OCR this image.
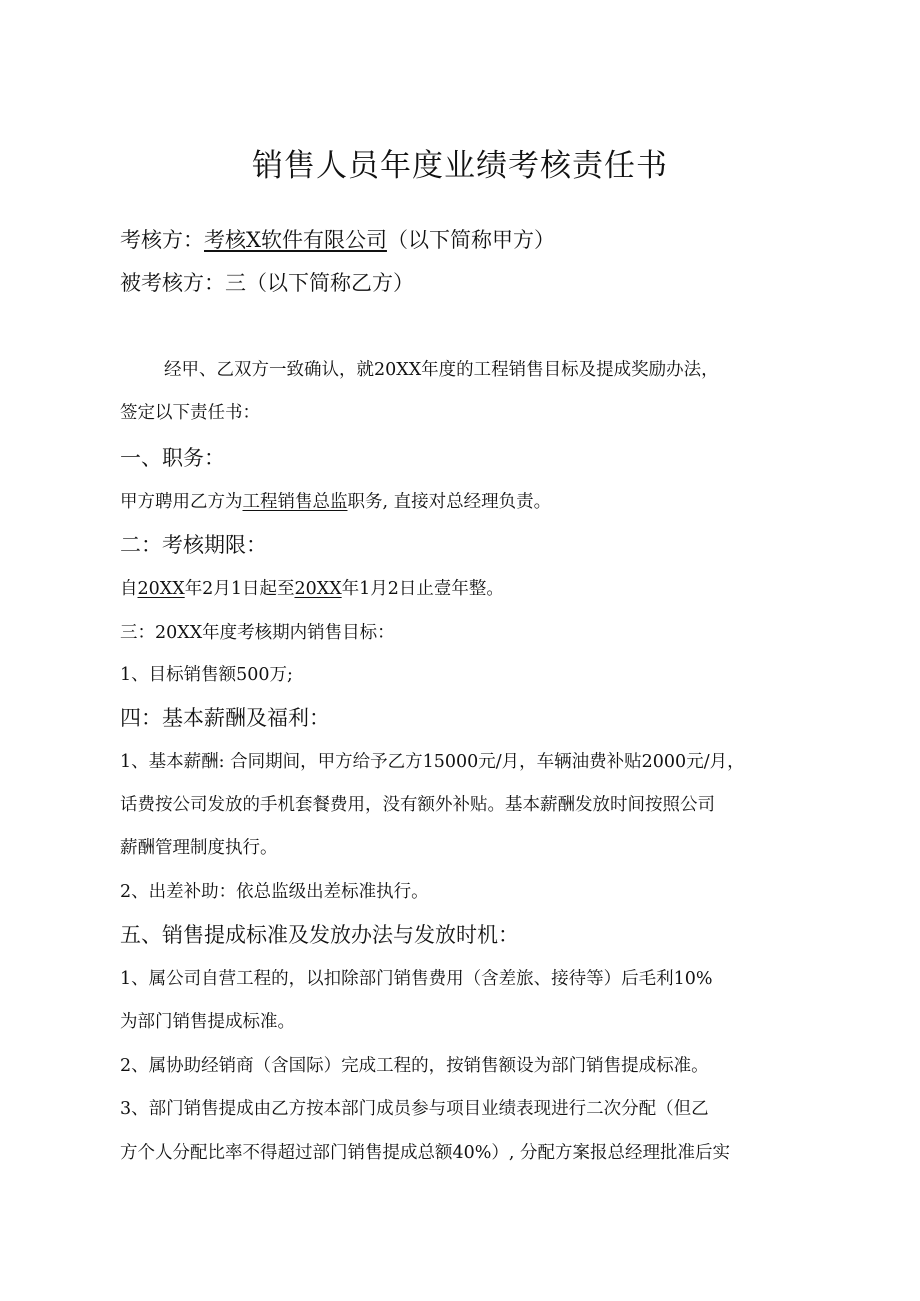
销售人员年度业绩考核责任书
考核方：考核X软件有限公司（以下简称甲方）
被考核方：三（以下简称乙方）
经甲、乙双方一致确认，就20XX年度的工程销售目标及提成奖励办法，
签定以下责任书：
一、职务：
甲方聘用乙方为工程销售总监职务, 直接对总经理负责。
二：考核期限：
自20XX年2月1日起至20XX年1月2日止壹年整。
三：20XX年度考核期内销售目标：
1、目标销售额500万;
四：基本薪酬及福利：
1、基本薪酬: 合同期间，甲方给予乙方15000元/月，车辆油费补贴2000元/月，
话费按公司发放的手机套餐费用，没有额外补贴。基本薪酬发放时间按照公司
薪酬管理制度执行。
2、出差补助：依总监级出差标准执行。
五、销售提成标准及发放办法与发放时机：
1、属公司自营工程的，以扣除部门销售费用（含差旅、接待等）后毛利10%
为部门销售提成标准。
2、属协助经销商（含国际）完成工程的，按销售额设为部门销售提成标准。
3、部门销售提成由乙方按本部门成员参与项目业绩表现进行二次分配（但乙
方个人分配比率不得超过部门销售提成总额40%）, 分配方案报总经理批准后实
